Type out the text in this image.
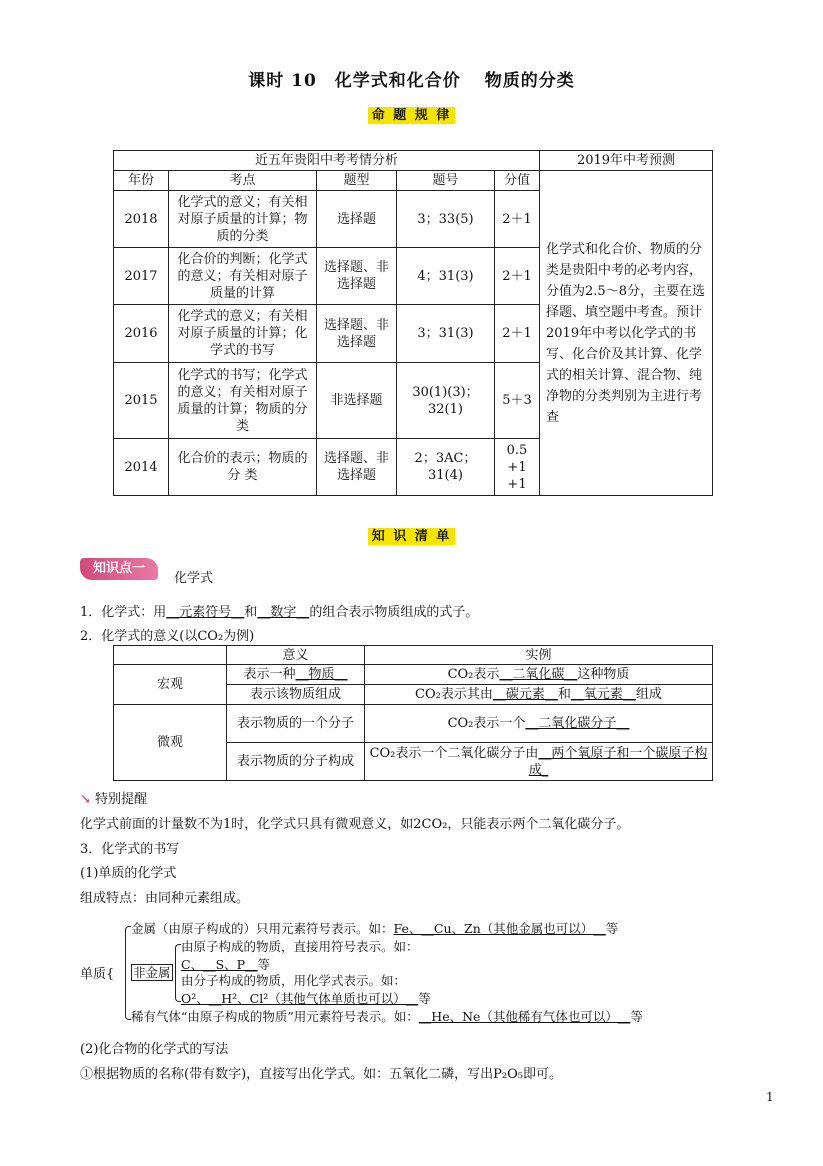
课时 10　化学式和化合价 物质的分类
命 题 规 律
近五年贵阳中考考情分析					2019年中考预测
年份	考点	题型	题号	分值	化学式和化合价、物质的分类是贵阳中考的必考内容，分值为2.5～8分，主要在选择题、填空题中考查。预计2019年中考以化学式的书写、化合价及其计算、化学式的相关计算、混合物、纯净物的分类判别为主进行考查
2018	化学式的意义；有关相对原子质量的计算；物质的分类	选择题	3；33(5)	2＋1	
2017	化合价的判断；化学式的意义；有关相对原子质量的计算	选择题、非选择题	4；31(3)	2＋1	
2016	化学式的意义；有关相对原子质量的计算；化学式的书写	选择题、非选择题	3；31(3)	2＋1	
2015	化学式的书写；化学式的意义；有关相对原子质量的计算；物质的分类	非选择题	30(1)(3)；32(1)	5＋3	
2014	化合价的表示；物质的分 类	选择题、非选择题	2；3AC；31(4)	0.5 +1 +1	
知 识 清 单
知识点一
化学式
1．化学式：用__元素符号__和__数字__的组合表示物质组成的式子。
2．化学式的意义(以CO₂为例)
	意义	实例
宏观	表示一种__物质__	CO₂表示__二氧化碳__这种物质
	表示该物质组成	CO₂表示其由__碳元素__和__氧元素__组成
微观	表示物质的一个分子	CO₂表示一个__二氧化碳分子__
	表示物质的分子构成	CO₂表示一个二氧化碳分子由__两个氧原子和一个碳原子构成_
↘ 特别提醒
化学式前面的计量数不为1时，化学式只具有微观意义，如2CO₂，只能表示两个二氧化碳分子。
3．化学式的书写
(1)单质的化学式
组成特点：由同种元素组成。
单质{
金属（由原子构成的）只用元素符号表示。如：Fe、__Cu、Zn（其他金属也可以）__等
非金属
由原子构成的物质，直接用符号表示。如：
C、__S、P__等
由分子构成的物质，用化学式表示。如：
O²、__H²、Cl²（其他气体单质也可以）__等
稀有气体“由原子构成的物质”用元素符号表示。如：__He、Ne（其他稀有气体也可以）__等
(2)化合物的化学式的写法
①根据物质的名称(带有数字)，直接写出化学式。如：五氧化二磷，写出P₂O₅即可。
1
